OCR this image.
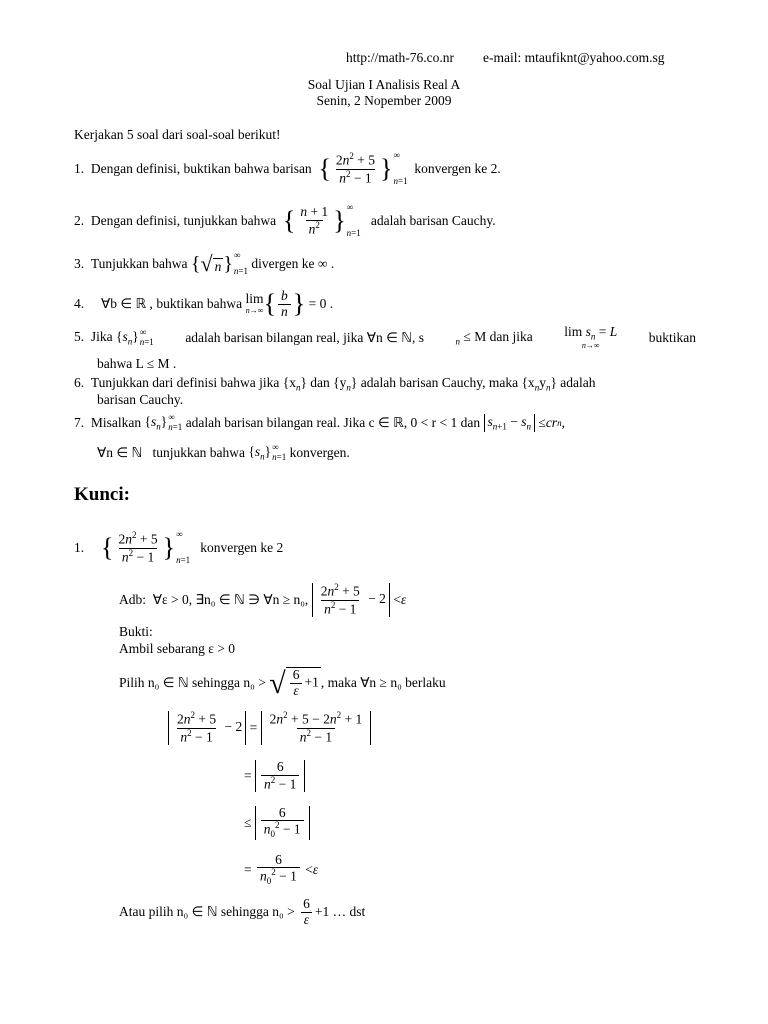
http://math-76.co.nr e-mail: mtaufiknt@yahoo.com.sg
Soal Ujian I Analisis Real A
Senin, 2 Nopember 2009
Kerjakan 5 soal dari soal-soal berikut!
1.
Dengan definisi, buktikan bahwa barisan
{ $\frac{2n^2 + 5}{n^2 - 1}$ } ∞
n=1

konvergen ke 2.
2.
Dengan definisi, tunjukkan bahwa
{ $\frac{n + 1}{n^2}$ } ∞
n=1

adalah barisan Cauchy.
3.
Tunjukkan bahwa
{ √ n } ∞
n=1
divergen ke ∞ .
4.
∀b ∈ ℝ ,
buktikan bahwa
lim
n→∞ { $\frac{b}{n}$ }
= 0 .
5. Jika $\{s_n\}$ ∞
n=1 adalah barisan bilangan real, jika ∀n ∈ ℕ, s	$_n$ ≤ M dan jika $\lim s_n = L$
n→∞
buktikan
bahwa L ≤ M .
6. Tunjukkan dari definisi bahwa jika $\{x_n\}$ dan $\{y_n\}$ adalah barisan Cauchy, maka $\{x_ny_n\}$ adalah
barisan Cauchy.
7.
Misalkan
$\{s_n\}$ ∞
n=1
adalah barisan bilangan real. Jika c ∈ ℝ, 0 < r < 1 dan
$s_{n+1} - s_n$ ≤ cr n ,
∀n ∈ ℕ
tunjukkan bahwa
$\{s_n\}$ ∞
n=1
konvergen.
Kunci:
1.
{ $\frac{2n^2 + 5}{n^2 - 1}$ } ∞
n=1

konvergen ke 2
Adb:
∀ε > 0, ∃n₀ ∈ ℕ ∋ ∀n ≥ n₀,
$\frac{2n^2 + 5}{n^2 - 1} - 2 < \varepsilon$
Bukti:
Ambil sebarang ε > 0
Pilih n₀ ∈ ℕ sehingga n₀ >
√ $\frac{6}{\varepsilon} +1$ , maka ∀n ≥ n₀ berlaku
$\frac{2n^2 + 5}{n^2 - 1} - 2 = \frac{2n^2 + 5 - 2n^2 + 1}{n^2 - 1}$
= $\frac{6}{n^2 - 1}$
≤ $\frac{6}{n_0^2 - 1}$
= $\frac{6}{n_0^2 - 1} < \varepsilon$
Atau pilih n₀ ∈ ℕ sehingga n₀ >
$\frac{6}{\varepsilon} +1$ … dst
